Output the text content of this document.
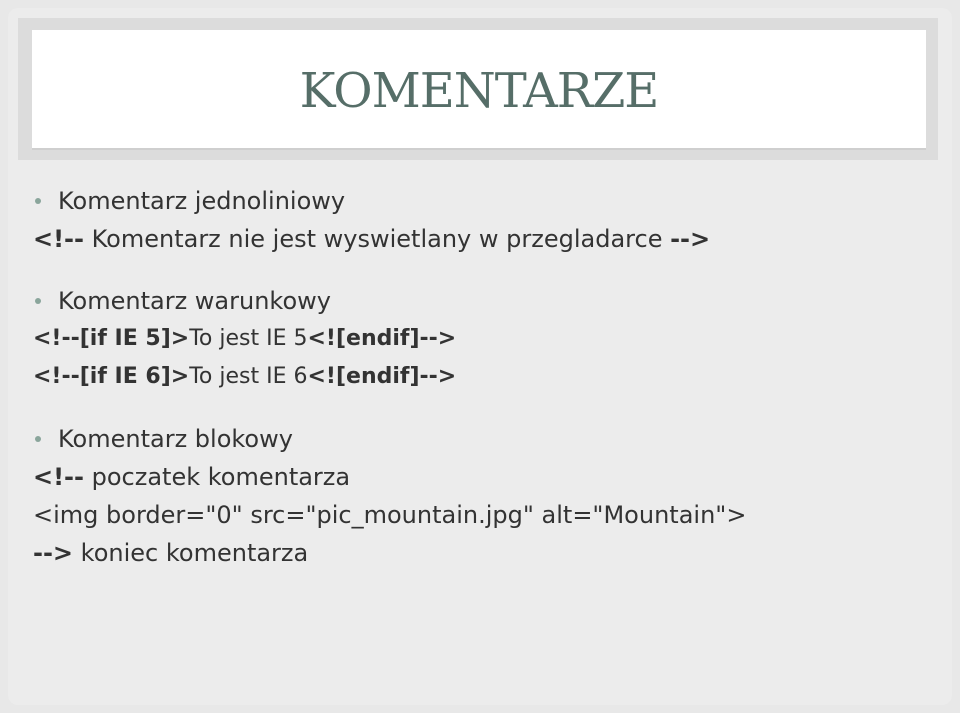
KOMENTARZE
Komentarz jednoliniowy
<!-- Komentarz nie jest wyswietlany w przegladarce -->
Komentarz warunkowy
<!--[if IE 5]>To jest IE 5<![endif]-->
<!--[if IE 6]>To jest IE 6<![endif]-->
Komentarz blokowy
<!-- poczatek komentarza
<img border="0" src="pic_mountain.jpg" alt="Mountain">
--> koniec komentarza
